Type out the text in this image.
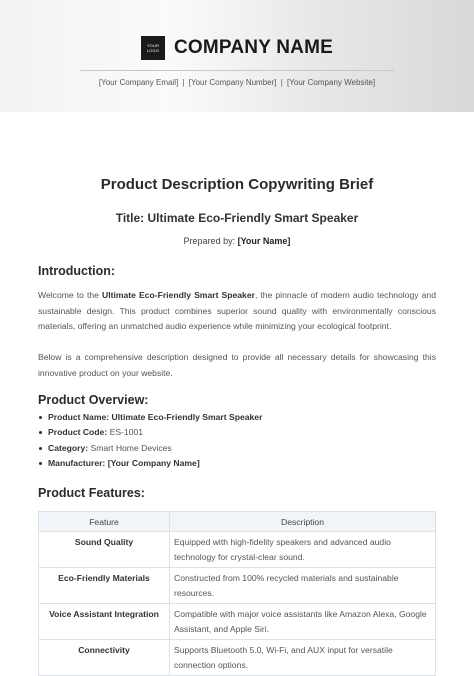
YOUR LOGO COMPANY NAME
[Your Company Email] | [Your Company Number] | [Your Company Website]
Product Description Copywriting Brief
Title: Ultimate Eco-Friendly Smart Speaker
Prepared by: [Your Name]
Introduction:
Welcome to the Ultimate Eco-Friendly Smart Speaker, the pinnacle of modern audio technology and sustainable design. This product combines superior sound quality with environmentally conscious materials, offering an unmatched audio experience while minimizing your ecological footprint.
Below is a comprehensive description designed to provide all necessary details for showcasing this innovative product on your website.
Product Overview:
Product Name: Ultimate Eco-Friendly Smart Speaker
Product Code: ES-1001
Category: Smart Home Devices
Manufacturer: [Your Company Name]
Product Features:
Feature	Description
Sound Quality	Equipped with high-fidelity speakers and advanced audio technology for crystal-clear sound.
Eco-Friendly Materials	Constructed from 100% recycled materials and sustainable resources.
Voice Assistant Integration	Compatible with major voice assistants like Amazon Alexa, Google Assistant, and Apple Siri.
Connectivity	Supports Bluetooth 5.0, Wi-Fi, and AUX input for versatile connection options.
